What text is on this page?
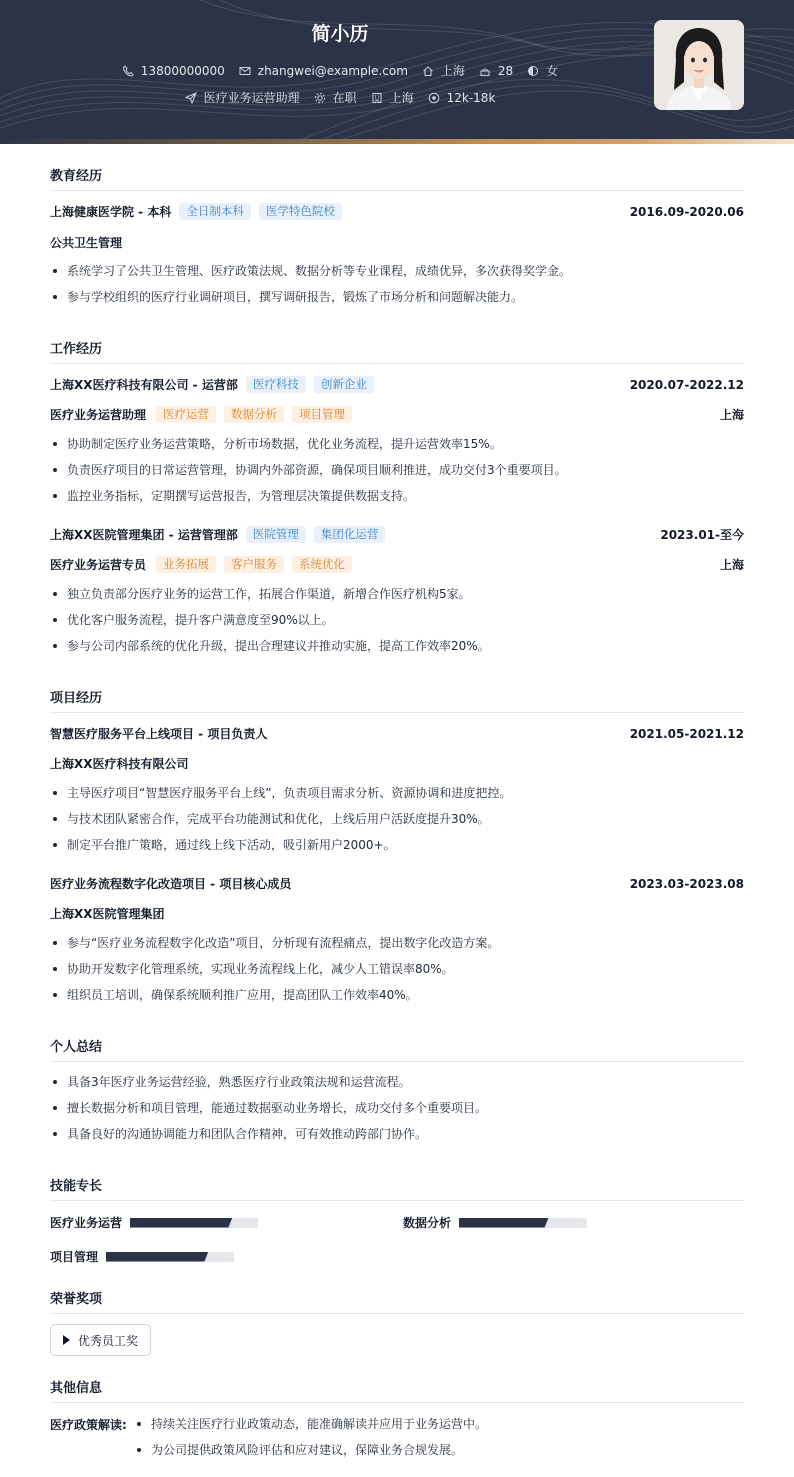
简小历
13800000000	zhangwei@example.com	上海	28	女
医疗业务运营助理	在职	上海	12k-18k
教育经历
上海健康医学院 - 本科	全日制本科	医学特色院校	2016.09-2020.06
公共卫生管理
系统学习了公共卫生管理、医疗政策法规、数据分析等专业课程，成绩优异，多次获得奖学金。
参与学校组织的医疗行业调研项目，撰写调研报告，锻炼了市场分析和问题解决能力。
工作经历
上海XX医疗科技有限公司 - 运营部	医疗科技	创新企业	2020.07-2022.12
医疗业务运营助理	医疗运营	数据分析	项目管理	上海
协助制定医疗业务运营策略，分析市场数据，优化业务流程，提升运营效率15%。
负责医疗项目的日常运营管理，协调内外部资源，确保项目顺利推进，成功交付3个重要项目。
监控业务指标，定期撰写运营报告，为管理层决策提供数据支持。
上海XX医院管理集团 - 运营管理部	医院管理	集团化运营	2023.01-至今
医疗业务运营专员	业务拓展	客户服务	系统优化	上海
独立负责部分医疗业务的运营工作，拓展合作渠道，新增合作医疗机构5家。
优化客户服务流程，提升客户满意度至90%以上。
参与公司内部系统的优化升级，提出合理建议并推动实施，提高工作效率20%。
项目经历
智慧医疗服务平台上线项目 - 项目负责人	2021.05-2021.12
上海XX医疗科技有限公司
主导医疗项目“智慧医疗服务平台上线”，负责项目需求分析、资源协调和进度把控。
与技术团队紧密合作，完成平台功能测试和优化，上线后用户活跃度提升30%。
制定平台推广策略，通过线上线下活动，吸引新用户2000+。
医疗业务流程数字化改造项目 - 项目核心成员	2023.03-2023.08
上海XX医院管理集团
参与“医疗业务流程数字化改造”项目，分析现有流程痛点，提出数字化改造方案。
协助开发数字化管理系统，实现业务流程线上化，减少人工错误率80%。
组织员工培训，确保系统顺利推广应用，提高团队工作效率40%。
个人总结
具备3年医疗业务运营经验，熟悉医疗行业政策法规和运营流程。
擅长数据分析和项目管理，能通过数据驱动业务增长，成功交付多个重要项目。
具备良好的沟通协调能力和团队合作精神，可有效推动跨部门协作。
技能专长
医疗业务运营	数据分析
项目管理
荣誉奖项
优秀员工奖
其他信息
医疗政策解读:	持续关注医疗行业政策动态，能准确解读并应用于业务运营中。
为公司提供政策风险评估和应对建议，保障业务合规发展。
